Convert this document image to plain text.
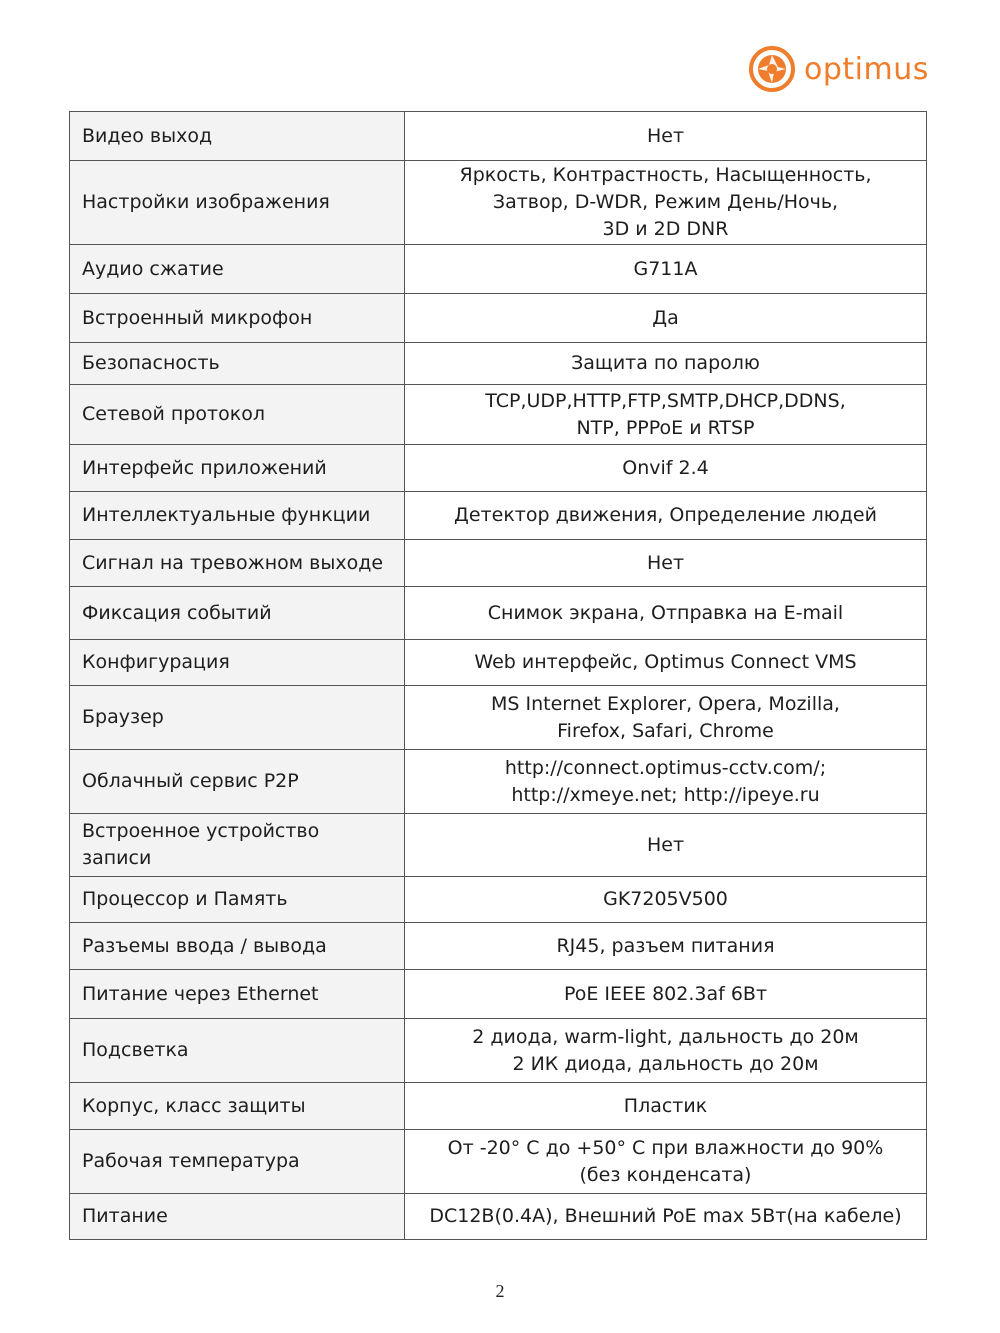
optimus
Видео выход	Нет

Настройки изображения	Яркость, Контрастность, Насыщенность,
Затвор, D-WDR, Режим День/Ночь,
3D и 2D DNR

Аудио сжатие	G711A

Встроенный микрофон	Да

Безопасность	Защита по паролю

Сетевой протокол	TCP,UDP,HTTP,FTP,SMTP,DHCP,DDNS,
NTP, PPPoE и RTSP

Интерфейс приложений	Onvif 2.4

Интеллектуальные функции	Детектор движения, Определение людей

Сигнал на тревожном выходе	Нет

Фиксация событий	Снимок экрана, Отправка на E-mail

Конфигурация	Web интерфейс, Optimus Connect VMS

Браузер	MS Internet Explorer, Opera, Mozilla,
Firefox, Safari, Chrome

Облачный сервис P2P	http://connect.optimus-cctv.com/;
http://xmeye.net; http://ipeye.ru

Встроенное устройство записи	Нет

Процессор и Память	GK7205V500

Разъемы ввода / вывода	RJ45, разъем питания

Питание через Ethernet	PoE IEEE 802.3af 6Вт

Подсветка	2 диода, warm-light, дальность до 20м
2 ИК диода, дальность до 20м

Корпус, класс защиты	Пластик

Рабочая температура	От -20° С до +50° С при влажности до 90%
(без конденсата)

Питание	DC12В(0.4А), Внешний PoE max 5Вт(на кабеле)
2
